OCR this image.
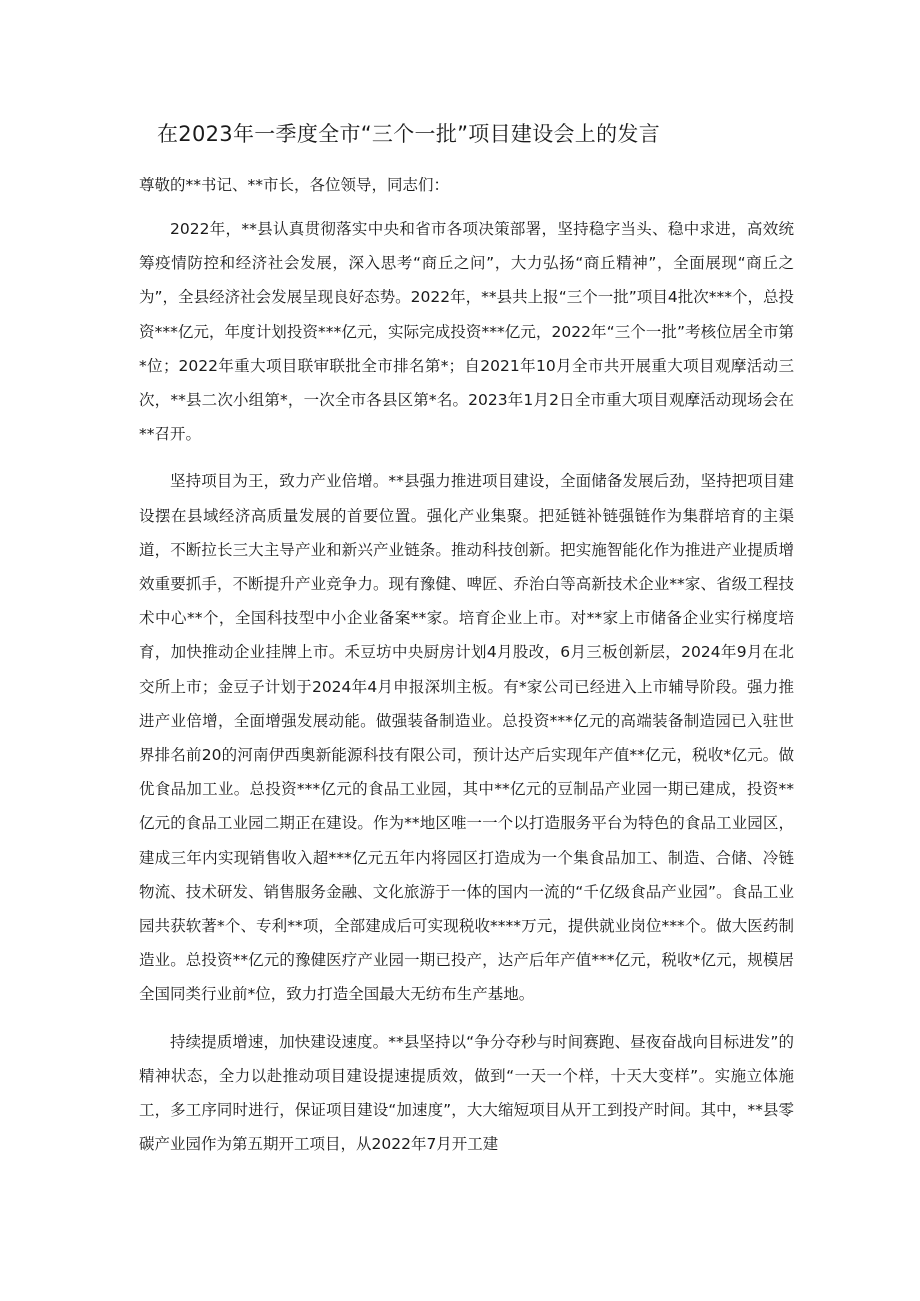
在2023年一季度全市“三个一批”项目建设会上的发言

尊敬的**书记、**市长，各位领导，同志们：

2022年，**县认真贯彻落实中央和省市各项决策部署，坚持稳字当头、稳中求进，高效统筹疫情防控和经济社会发展，深入思考“商丘之问”，大力弘扬“商丘精神”，全面展现“商丘之为”，全县经济社会发展呈现良好态势。2022年，**县共上报“三个一批”项目4批次***个，总投资***亿元，年度计划投资***亿元，实际完成投资***亿元，2022年“三个一批”考核位居全市第*位；2022年重大项目联审联批全市排名第*；自2021年10月全市共开展重大项目观摩活动三次，**县二次小组第*，一次全市各县区第*名。2023年1月2日全市重大项目观摩活动现场会在**召开。

坚持项目为王，致力产业倍增。**县强力推进项目建设，全面储备发展后劲，坚持把项目建设摆在县域经济高质量发展的首要位置。强化产业集聚。把延链补链强链作为集群培育的主渠道，不断拉长三大主导产业和新兴产业链条。推动科技创新。把实施智能化作为推进产业提质增效重要抓手，不断提升产业竞争力。现有豫健、啤匠、乔治白等高新技术企业**家、省级工程技术中心**个，全国科技型中小企业备案**家。培育企业上市。对**家上市储备企业实行梯度培育，加快推动企业挂牌上市。禾豆坊中央厨房计划4月股改，6月三板创新层，2024年9月在北交所上市；金豆子计划于2024年4月申报深圳主板。有*家公司已经进入上市辅导阶段。强力推进产业倍增，全面增强发展动能。做强装备制造业。总投资***亿元的高端装备制造园已入驻世界排名前20的河南伊西奥新能源科技有限公司，预计达产后实现年产值**亿元，税收*亿元。做优食品加工业。总投资***亿元的食品工业园，其中**亿元的豆制品产业园一期已建成，投资**亿元的食品工业园二期正在建设。作为**地区唯一一个以打造服务平台为特色的食品工业园区，建成三年内实现销售收入超***亿元五年内将园区打造成为一个集食品加工、制造、合储、冷链物流、技术研发、销售服务金融、文化旅游于一体的国内一流的“千亿级食品产业园”。食品工业园共获软著*个、专利**项，全部建成后可实现税收****万元，提供就业岗位***个。做大医药制造业。总投资**亿元的豫健医疗产业园一期已投产，达产后年产值***亿元，税收*亿元，规模居全国同类行业前*位，致力打造全国最大无纺布生产基地。

持续提质增速，加快建设速度。**县坚持以“争分夺秒与时间赛跑、昼夜奋战向目标进发”的精神状态，全力以赴推动项目建设提速提质效，做到“一天一个样，十天大变样”。实施立体施工，多工序同时进行，保证项目建设“加速度”，大大缩短项目从开工到投产时间。其中，**县零碳产业园作为第五期开工项目，从2022年7月开工建
